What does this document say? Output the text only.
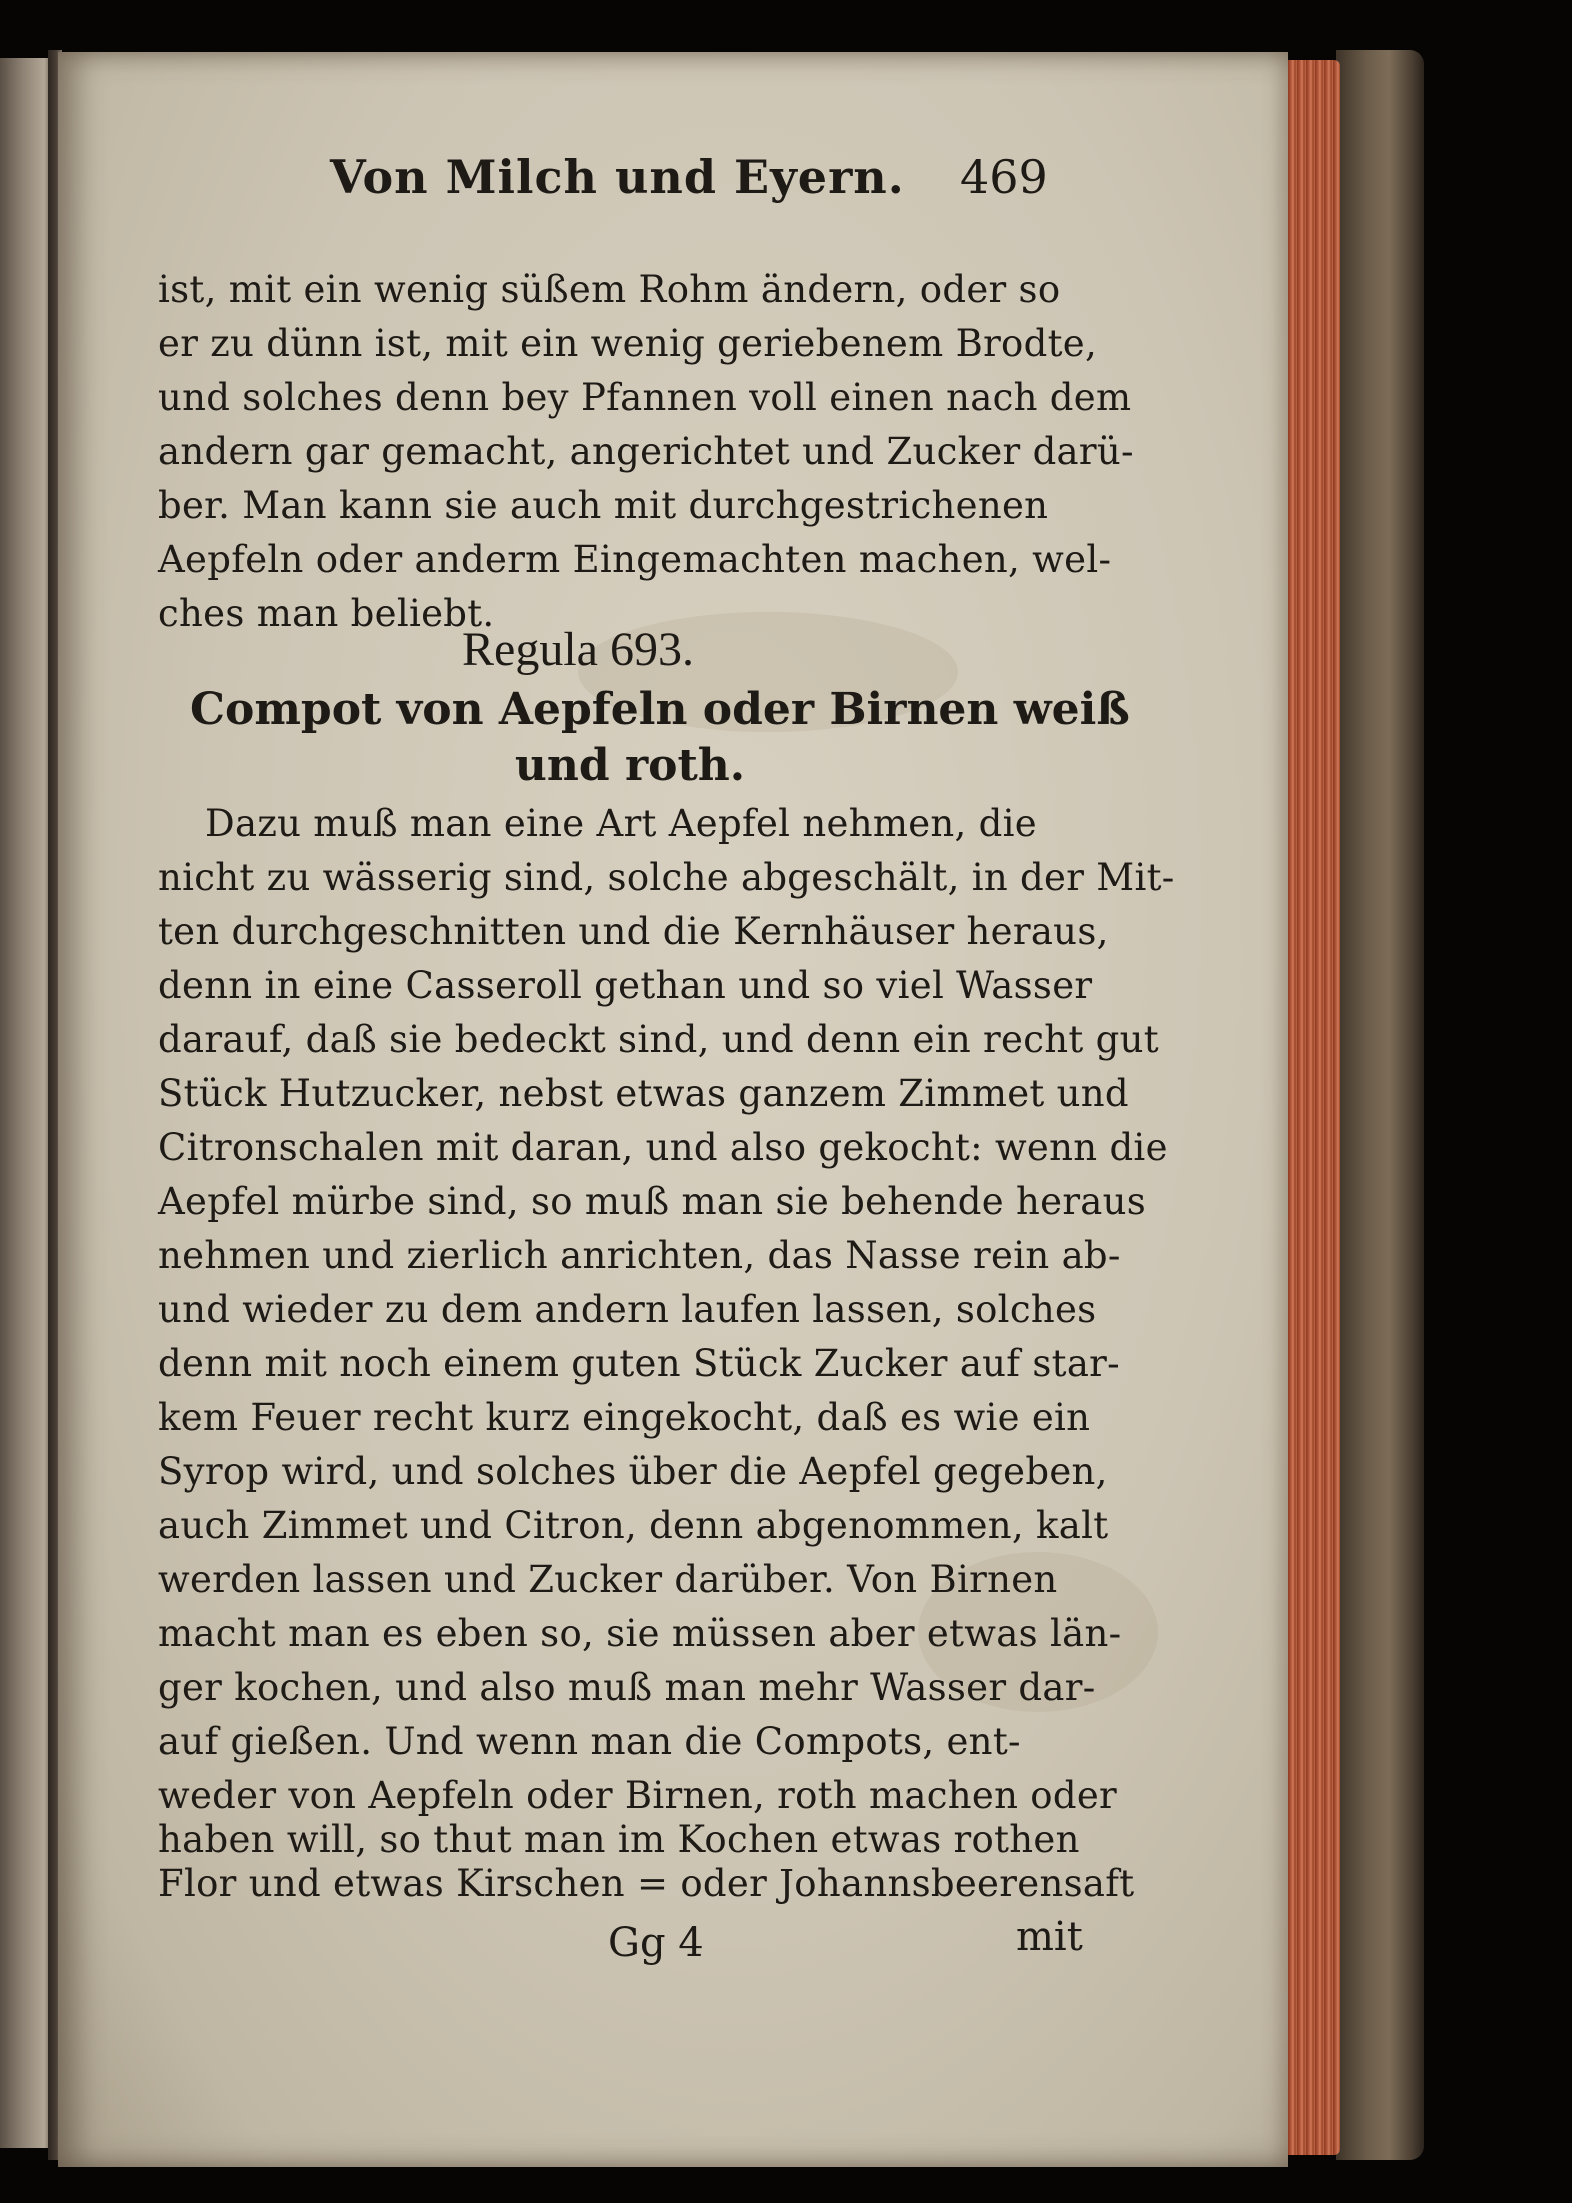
Von Milch und Eyern. 469
ist, mit ein wenig süßem Rohm ändern, oder so
er zu dünn ist, mit ein wenig geriebenem Brodte,
und solches denn bey Pfannen voll einen nach dem
andern gar gemacht, angerichtet und Zucker darü-
ber. Man kann sie auch mit durchgestrichenen
Aepfeln oder anderm Eingemachten machen, wel-
ches man beliebt.
Regula 693.
Compot von Aepfeln oder Birnen weiß
und roth.
Dazu muß man eine Art Aepfel nehmen, die
nicht zu wässerig sind, solche abgeschält, in der Mit-
ten durchgeschnitten und die Kernhäuser heraus,
denn in eine Casseroll gethan und so viel Wasser
darauf, daß sie bedeckt sind, und denn ein recht gut
Stück Hutzucker, nebst etwas ganzem Zimmet und
Citronschalen mit daran, und also gekocht: wenn die
Aepfel mürbe sind, so muß man sie behende heraus
nehmen und zierlich anrichten, das Nasse rein ab-
und wieder zu dem andern laufen lassen, solches
denn mit noch einem guten Stück Zucker auf star-
kem Feuer recht kurz eingekocht, daß es wie ein
Syrop wird, und solches über die Aepfel gegeben,
auch Zimmet und Citron, denn abgenommen, kalt
werden lassen und Zucker darüber. Von Birnen
macht man es eben so, sie müssen aber etwas län-
ger kochen, und also muß man mehr Wasser dar-
auf gießen. Und wenn man die Compots, ent-
weder von Aepfeln oder Birnen, roth machen oder
haben will, so thut man im Kochen etwas rothen
Flor und etwas Kirschen = oder Johannsbeerensaft
Gg 4	mit
